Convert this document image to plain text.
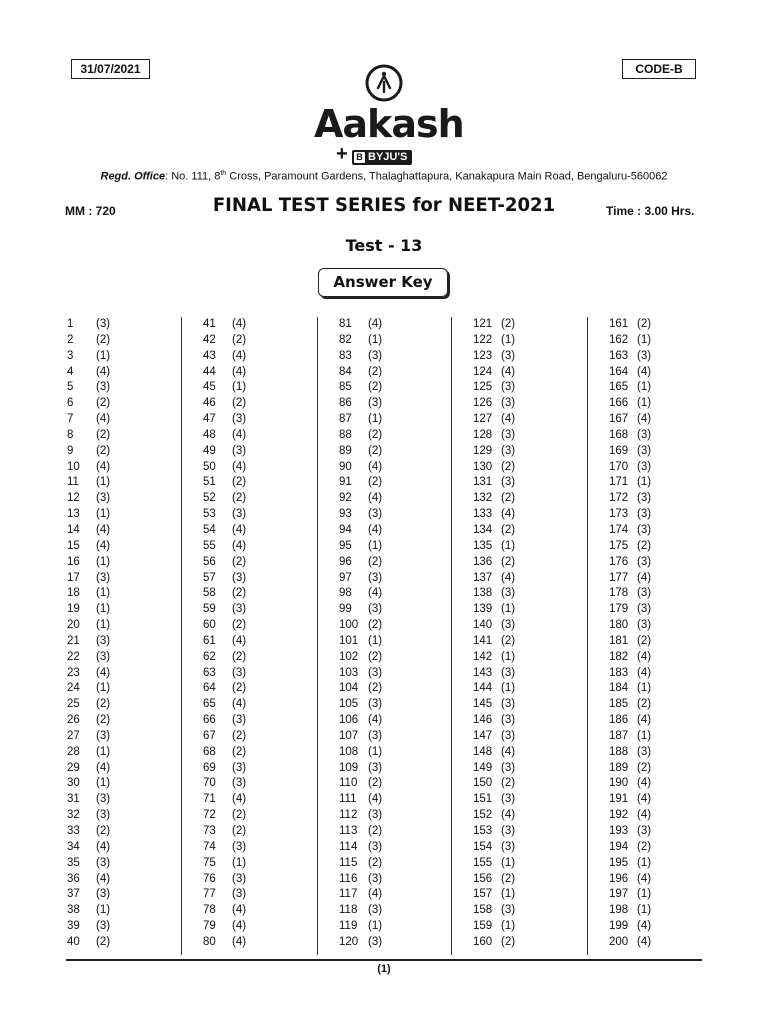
31/07/2021	CODE-B
Aakash
+ B BYJU'S
Regd. Office: No. 111, 8th Cross, Paramount Gardens, Thalaghattapura, Kanakapura Main Road, Bengaluru-560062
MM : 720	FINAL TEST SERIES for NEET-2021	Time : 3.00 Hrs.
Test - 13
Answer Key
1	(3)
2	(2)
3	(1)
4	(4)
5	(3)
6	(2)
7	(4)
8	(2)
9	(2)
10	(4)
11	(1)
12	(3)
13	(1)
14	(4)
15	(4)
16	(1)
17	(3)
18	(1)
19	(1)
20	(1)
21	(3)
22	(3)
23	(4)
24	(1)
25	(2)
26	(2)
27	(3)
28	(1)
29	(4)
30	(1)
31	(3)
32	(3)
33	(2)
34	(4)
35	(3)
36	(4)
37	(3)
38	(1)
39	(3)
40	(2)
41	(4)
42	(2)
43	(4)
44	(4)
45	(1)
46	(2)
47	(3)
48	(4)
49	(3)
50	(4)
51	(2)
52	(2)
53	(3)
54	(4)
55	(4)
56	(2)
57	(3)
58	(2)
59	(3)
60	(2)
61	(4)
62	(2)
63	(3)
64	(2)
65	(4)
66	(3)
67	(2)
68	(2)
69	(3)
70	(3)
71	(4)
72	(2)
73	(2)
74	(3)
75	(1)
76	(3)
77	(3)
78	(4)
79	(4)
80	(4)
81	(4)
82	(1)
83	(3)
84	(2)
85	(2)
86	(3)
87	(1)
88	(2)
89	(2)
90	(4)
91	(2)
92	(4)
93	(3)
94	(4)
95	(1)
96	(2)
97	(3)
98	(4)
99	(3)
100 (2)
101 (1)
102 (2)
103 (3)
104 (2)
105 (3)
106 (4)
107 (3)
108 (1)
109 (3)
110 (2)
111	(4)
112 (3)
113 (2)
114 (3)
115 (2)
116 (3)
117 (4)
118 (3)
119 (1)
120 (3)
121 (2)
122 (1)
123 (3)
124 (4)
125 (3)
126 (3)
127 (4)
128 (3)
129 (3)
130 (2)
131 (3)
132 (2)
133 (4)
134 (2)
135 (1)
136 (2)
137 (4)
138 (3)
139 (1)
140 (3)
141 (2)
142 (1)
143 (3)
144 (1)
145 (3)
146 (3)
147 (3)
148 (4)
149 (3)
150 (2)
151 (3)
152 (4)
153 (3)
154 (3)
155 (1)
156 (2)
157 (1)
158 (3)
159 (1)
160 (2)
161 (2)
162 (1)
163 (3)
164 (4)
165 (1)
166 (1)
167 (4)
168 (3)
169 (3)
170 (3)
171 (1)
172 (3)
173 (3)
174 (3)
175 (2)
176 (3)
177 (4)
178 (3)
179 (3)
180 (3)
181 (2)
182 (4)
183 (4)
184 (1)
185 (2)
186 (4)
187 (1)
188 (3)
189 (2)
190 (4)
191 (4)
192 (4)
193 (3)
194 (2)
195 (1)
196 (4)
197 (1)
198 (1)
199 (4)
200 (4)
(1)
